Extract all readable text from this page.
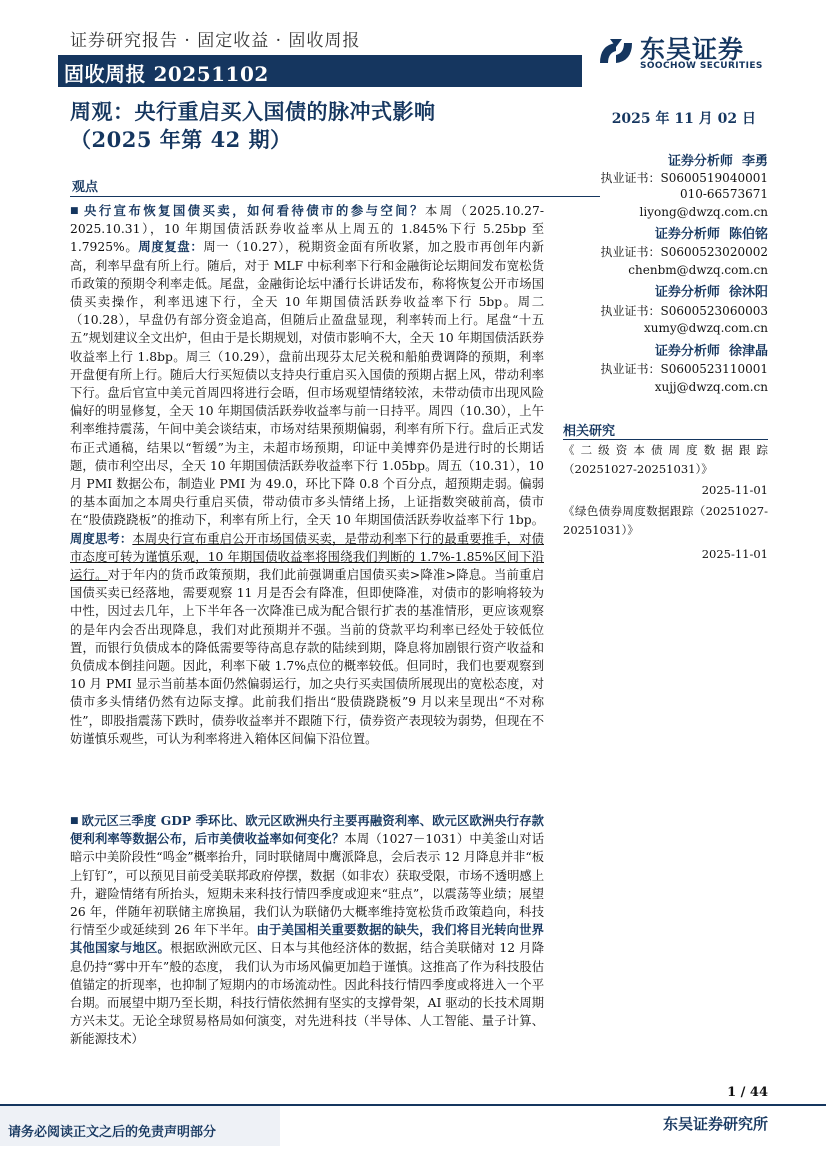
证券研究报告 · 固定收益 · 固收周报
固收周报 20251102
东吴证券
SOOCHOW SECURITIES
周观：央行重启买入国债的脉冲式影响
（2025 年第 42 期）
2025 年 11 月 02 日
观点
■ 央行宣布恢复国债买卖，如何看待债市的参与空间？本周（2025.10.27-2025.10.31），10 年期国债活跃券收益率从上周五的 1.845%下行 5.25bp 至 1.7925%。周度复盘：周一（10.27），税期资金面有所收紧，加之股市再创年内新高，利率早盘有所上行。随后，对于 MLF 中标利率下行和金融街论坛期间发布宽松货币政策的预期令利率走低。尾盘，金融街论坛中潘行长讲话发布，称将恢复公开市场国债买卖操作，利率迅速下行，全天 10 年期国债活跃券收益率下行 5bp。周二（10.28），早盘仍有部分资金追高，但随后止盈盘显现，利率转而上行。尾盘“十五五”规划建议全文出炉，但由于是长期规划，对债市影响不大，全天 10 年期国债活跃券收益率上行 1.8bp。周三（10.29），盘前出现芬太尼关税和船舶费调降的预期，利率开盘便有所上行。随后大行买短债以支持央行重启买入国债的预期占据上风，带动利率下行。盘后官宣中美元首周四将进行会晤，但市场观望情绪较浓，未带动债市出现风险偏好的明显修复，全天 10 年期国债活跃券收益率与前一日持平。周四（10.30），上午利率维持震荡，午间中美会谈结束，市场对结果预期偏弱，利率有所下行。盘后正式发布正式通稿，结果以“暂缓”为主，未超市场预期，印证中美博弈仍是进行时的长期话题，债市利空出尽，全天 10 年期国债活跃券收益率下行 1.05bp。周五（10.31），10 月 PMI 数据公布，制造业 PMI 为 49.0，环比下降 0.8 个百分点，超预期走弱。偏弱的基本面加之本周央行重启买债，带动债市多头情绪上扬，上证指数突破前高，债市在“股债跷跷板”的推动下，利率有所上行，全天 10 年期国债活跃券收益率下行 1bp。周度思考：本周央行宣布重启公开市场国债买卖，是带动利率下行的最重要推手，对债市态度可转为谨慎乐观，10 年期国债收益率将围绕我们判断的 1.7%-1.85%区间下沿运行。对于年内的货币政策预期，我们此前强调重启国债买卖>降准>降息。当前重启国债买卖已经落地，需要观察 11 月是否会有降准，但即使降准，对债市的影响将较为中性，因过去几年，上下半年各一次降准已成为配合银行扩表的基准情形，更应该观察的是年内会否出现降息，我们对此预期并不强。当前的贷款平均利率已经处于较低位置，而银行负债成本的降低需要等待高息存款的陆续到期，降息将加剧银行资产收益和负债成本倒挂问题。因此，利率下破 1.7%点位的概率较低。但同时，我们也要观察到 10 月 PMI 显示当前基本面仍然偏弱运行，加之央行买卖国债所展现出的宽松态度，对债市多头情绪仍然有边际支撑。此前我们指出“股债跷跷板”9 月以来呈现出“不对称性”，即股指震荡下跌时，债券收益率并不跟随下行，债券资产表现较为弱势，但现在不妨谨慎乐观些，可认为利率将进入箱体区间偏下沿位置。
■ 欧元区三季度 GDP 季环比、欧元区欧洲央行主要再融资利率、欧元区欧洲央行存款便利利率等数据公布，后市美债收益率如何变化？本周（1027－1031）中美釜山对话暗示中美阶段性“鸣金”概率抬升，同时联储周中鹰派降息，会后表示 12 月降息并非“板上钉钉”，可以预见目前受美联邦政府停摆，数据（如非农）获取受限，市场不透明感上升，避险情绪有所抬头，短期未来科技行情四季度或迎来“驻点”，以震荡等业绩；展望 26 年，伴随年初联储主席换届，我们认为联储仍大概率维持宽松货币政策趋向，科技行情至少或延续到 26 年下半年。由于美国相关重要数据的缺失，我们将目光转向世界其他国家与地区。根据欧洲欧元区、日本与其他经济体的数据，结合美联储对 12 月降息仍持“雾中开车”般的态度， 我们认为市场风偏更加趋于谨慎。这推高了作为科技股估值锚定的折现率，也抑制了短期内的市场流动性。因此科技行情四季度或将进入一个平台期。而展望中期乃至长期，科技行情依然拥有坚实的支撑骨架，AI 驱动的长技术周期方兴未艾。无论全球贸易格局如何演变，对先进科技（半导体、人工智能、量子计算、新能源技术）
证券分析师 李勇
执业证书：S0600519040001
010-66573671
liyong@dwzq.com.cn
证券分析师 陈伯铭
执业证书：S0600523020002
chenbm@dwzq.com.cn
证券分析师 徐沐阳
执业证书：S0600523060003
xumy@dwzq.com.cn
证券分析师 徐津晶
执业证书：S0600523110001
xujj@dwzq.com.cn
相关研究
《二级资本债周度数据跟踪（20251027-20251031）》
2025-11-01
《绿色债券周度数据跟踪（20251027-20251031）》
2025-11-01
1 / 44
请务必阅读正文之后的免责声明部分	东吴证券研究所
